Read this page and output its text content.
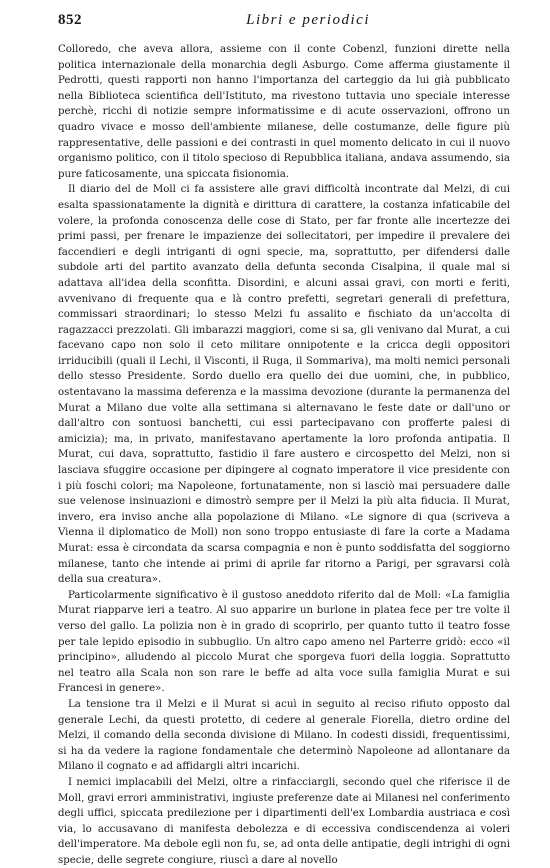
852	Libri e periodici

Colloredo, che aveva allora, assieme con il conte Cobenzl, funzioni dirette nella politica internazionale della monarchia degli Asburgo. Come afferma giustamente il Pedrotti, questi rapporti non hanno l'importanza del carteggio da lui già pubblicato nella Biblioteca scientifica dell'Istituto, ma rivestono tuttavia uno speciale interesse perchè, ricchi di notizie sempre informatissime e di acute osservazioni, offrono un quadro vivace e mosso dell'ambiente milanese, delle costumanze, delle figure più rappresentative, delle passioni e dei contrasti in quel momento delicato in cui il nuovo organismo politico, con il titolo specioso di Repubblica italiana, andava assumendo, sia pure faticosamente, una spiccata fisionomia.

Il diario del de Moll ci fa assistere alle gravi difficoltà incontrate dal Melzi, di cui esalta spassionatamente la dignità e dirittura di carattere, la costanza infaticabile del volere, la profonda conoscenza delle cose di Stato, per far fronte alle incertezze dei primi passi, per frenare le impazienze dei sollecitatori, per impedire il prevalere dei faccendieri e degli intriganti di ogni specie, ma, soprattutto, per difendersi dalle subdole arti del partito avanzato della defunta seconda Cisalpina, il quale mal si adattava all'idea della sconfitta. Disordini, e alcuni assai gravi, con morti e feriti, avvenivano di frequente qua e là contro prefetti, segretari generali di prefettura, commissari straordinari; lo stesso Melzi fu assalito e fischiato da un'accolta di ragazzacci prezzolati. Gli imbarazzi maggiori, come si sa, gli venivano dal Murat, a cui facevano capo non solo il ceto militare onnipotente e la cricca degli oppositori irriducibili (quali il Lechi, il Visconti, il Ruga, il Sommariva), ma molti nemici personali dello stesso Presidente. Sordo duello era quello dei due uomini, che, in pubblico, ostentavano la massima deferenza e la massima devozione (durante la permanenza del Murat a Milano due volte alla settimana si alternavano le feste date or dall'uno or dall'altro con sontuosi banchetti, cui essi partecipavano con profferte palesi di amicizia); ma, in privato, manifestavano apertamente la loro profonda antipatia. Il Murat, cui dava, soprattutto, fastidio il fare austero e circospetto del Melzi, non si lasciava sfuggire occasione per dipingere al cognato imperatore il vice presidente con i più foschi colori; ma Napoleone, fortunatamente, non si lasciò mai persuadere dalle sue velenose insinuazioni e dimostrò sempre per il Melzi la più alta fiducia. Il Murat, invero, era inviso anche alla popolazione di Milano. «Le signore di qua (scriveva a Vienna il diplomatico de Moll) non sono troppo entusiaste di fare la corte a Madama Murat: essa è circondata da scarsa compagnia e non è punto soddisfatta del soggiorno milanese, tanto che intende ai primi di aprile far ritorno a Parigi, per sgravarsi colà della sua creatura».

Particolarmente significativo è il gustoso aneddoto riferito dal de Moll: «La famiglia Murat riapparve ieri a teatro. Al suo apparire un burlone in platea fece per tre volte il verso del gallo. La polizia non è in grado di scoprirlo, per quanto tutto il teatro fosse per tale lepido episodio in subbuglio. Un altro capo ameno nel Parterre gridò: ecco «il principino», alludendo al piccolo Murat che sporgeva fuori della loggia. Soprattutto nel teatro alla Scala non son rare le beffe ad alta voce sulla famiglia Murat e sui Francesi in genere».

La tensione tra il Melzi e il Murat si acuì in seguito al reciso rifiuto opposto dal generale Lechi, da questi protetto, di cedere al generale Fiorella, dietro ordine del Melzi, il comando della seconda divisione di Milano. In codesti dissidi, frequentissimi, si ha da vedere la ragione fondamentale che determinò Napoleone ad allontanare da Milano il cognato e ad affidargli altri incarichi.

I nemici implacabili del Melzi, oltre a rinfacciargli, secondo quel che riferisce il de Moll, gravi errori amministrativi, ingiuste preferenze date ai Milanesi nel conferimento degli uffici, spiccata predilezione per i dipartimenti dell'ex Lombardia austriaca e così via, lo accusavano di manifesta debolezza e di eccessiva condiscendenza ai voleri dell'imperatore. Ma debole egli non fu, se, ad onta delle antipatie, degli intrighi di ogni specie, delle segrete congiure, riuscì a dare al novello
